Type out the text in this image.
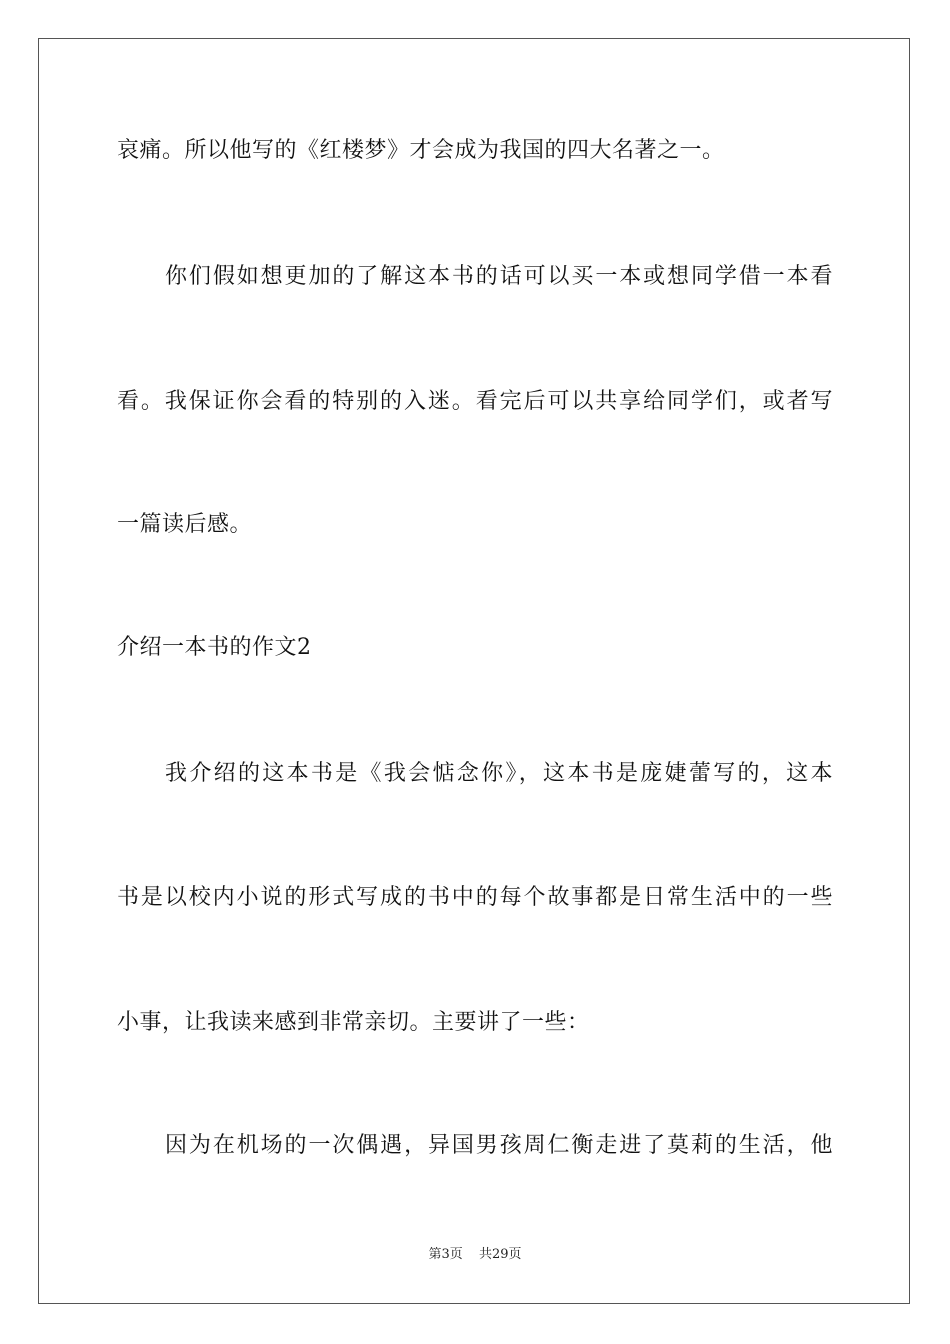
哀痛。所以他写的《红楼梦》才会成为我国的四大名著之一。
你们假如想更加的了解这本书的话可以买一本或想同学借一本看
看。我保证你会看的特别的入迷。看完后可以共享给同学们，或者写
一篇读后感。
介绍一本书的作文2
我介绍的这本书是《我会惦念你》，这本书是庞婕蕾写的，这本
书是以校内小说的形式写成的书中的每个故事都是日常生活中的一些
小事，让我读来感到非常亲切。主要讲了一些：
因为在机场的一次偶遇，异国男孩周仁衡走进了莫莉的生活，他
第3页 共29页
